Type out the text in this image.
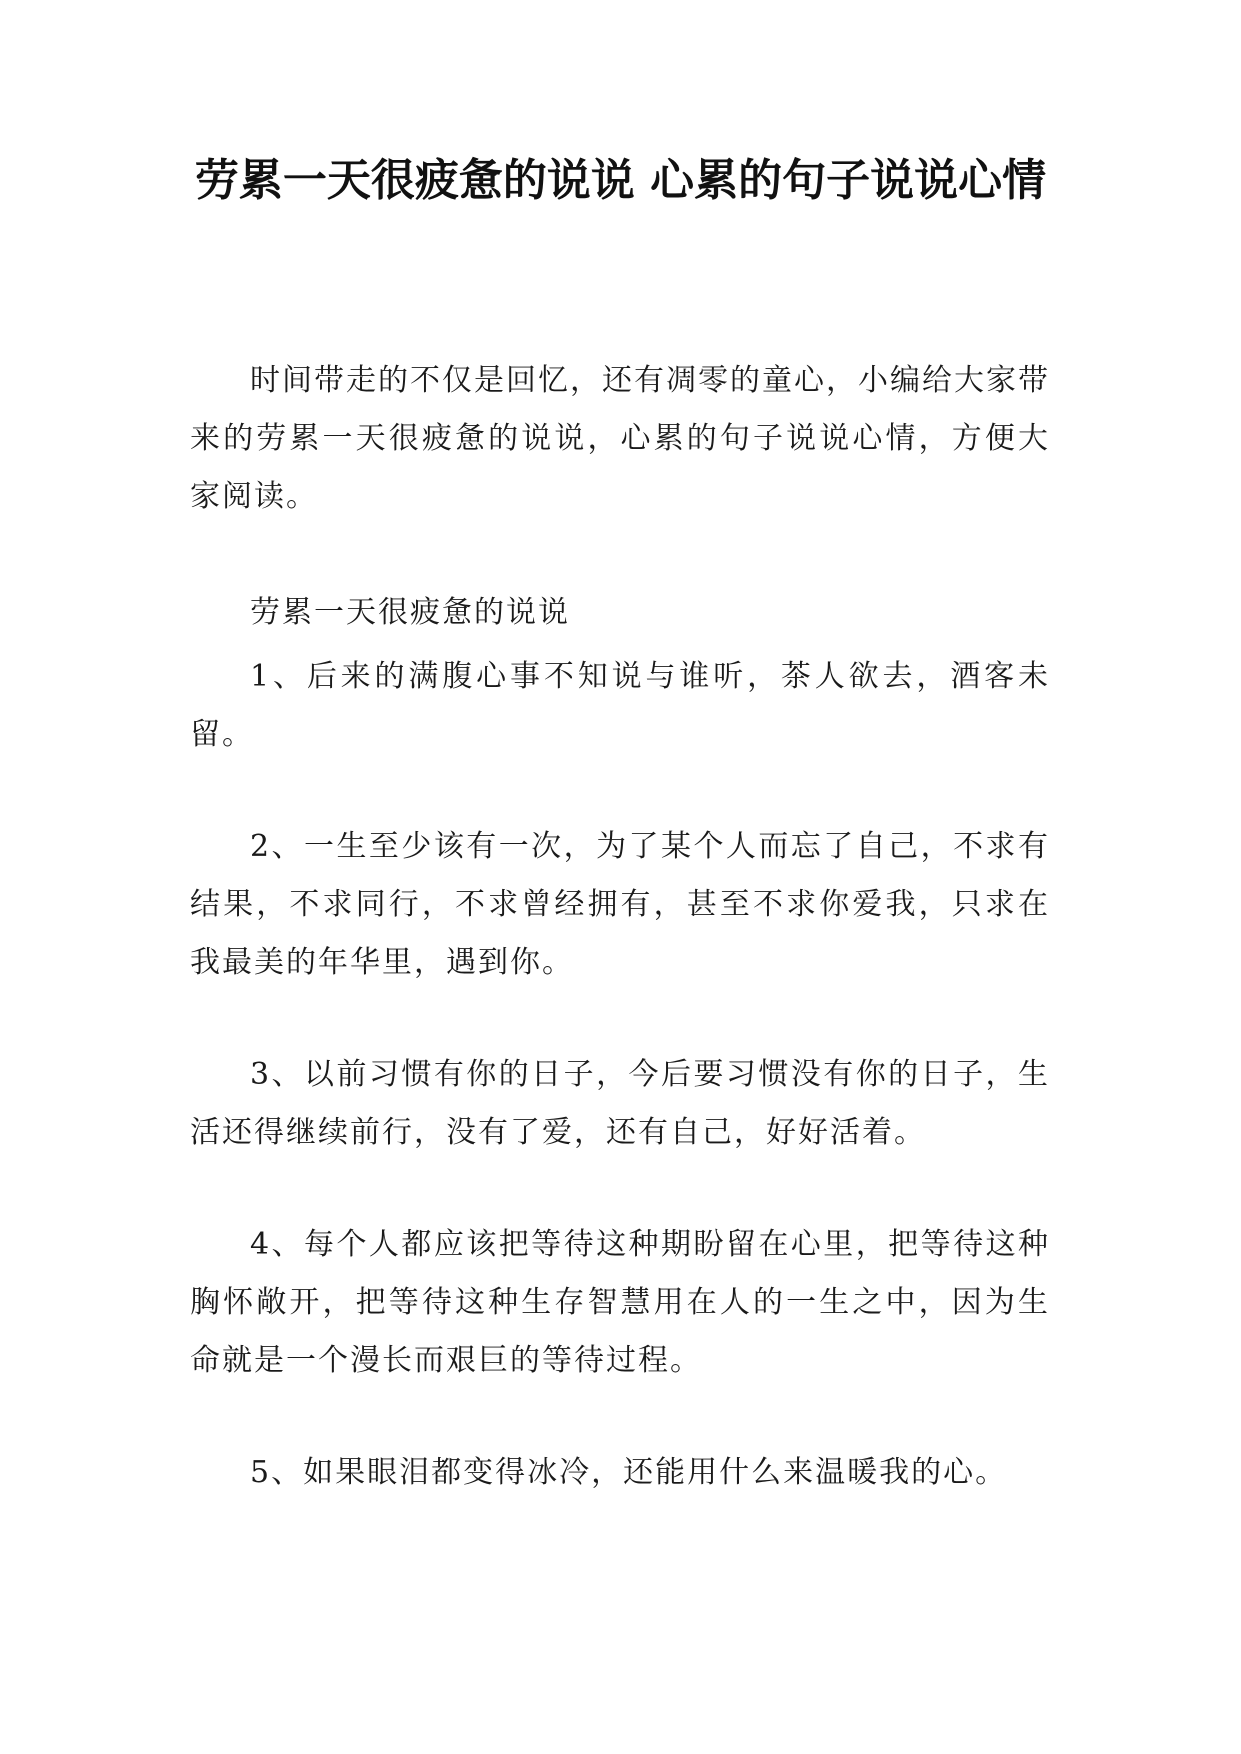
劳累一天很疲惫的说说 心累的句子说说心情

时间带走的不仅是回忆，还有凋零的童心，小编给大家带来的劳累一天很疲惫的说说，心累的句子说说心情，方便大家阅读。

劳累一天很疲惫的说说

1、后来的满腹心事不知说与谁听，茶人欲去，酒客未留。

2、一生至少该有一次，为了某个人而忘了自己，不求有结果，不求同行，不求曾经拥有，甚至不求你爱我，只求在我最美的年华里，遇到你。

3、以前习惯有你的日子，今后要习惯没有你的日子，生活还得继续前行，没有了爱，还有自己，好好活着。

4、每个人都应该把等待这种期盼留在心里，把等待这种胸怀敞开，把等待这种生存智慧用在人的一生之中，因为生命就是一个漫长而艰巨的等待过程。

5、如果眼泪都变得冰冷，还能用什么来温暖我的心。
